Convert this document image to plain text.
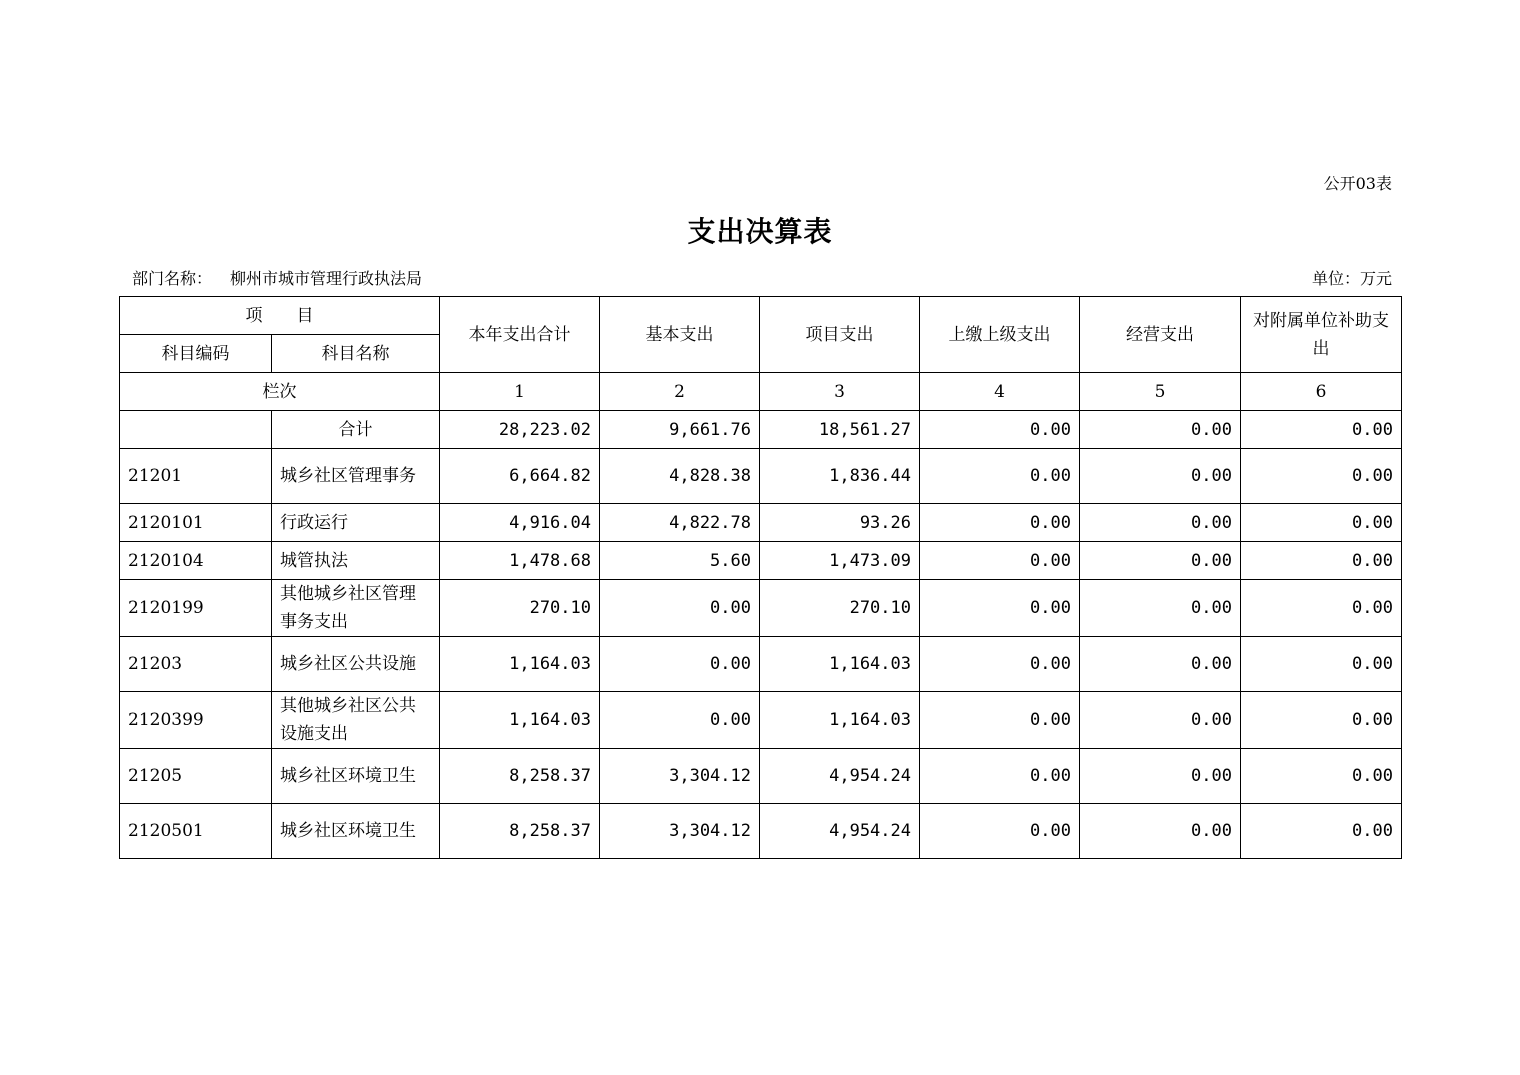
公开03表
支出决算表
部门名称： 柳州市城市管理行政执法局	单位：万元
项　　目		本年支出合计	基本支出	项目支出	上缴上级支出	经营支出	对附属单位补助支出
科目编码	科目名称						
栏次		1	2	3	4	5	6
	合计	28,223.02	9,661.76	18,561.27	0.00	0.00	0.00
21201	城乡社区管理事务	6,664.82	4,828.38	1,836.44	0.00	0.00	0.00
2120101	行政运行	4,916.04	4,822.78	93.26	0.00	0.00	0.00
2120104	城管执法	1,478.68	5.60	1,473.09	0.00	0.00	0.00
2120199	其他城乡社区管理事务支出	270.10	0.00	270.10	0.00	0.00	0.00
21203	城乡社区公共设施	1,164.03	0.00	1,164.03	0.00	0.00	0.00
2120399	其他城乡社区公共设施支出	1,164.03	0.00	1,164.03	0.00	0.00	0.00
21205	城乡社区环境卫生	8,258.37	3,304.12	4,954.24	0.00	0.00	0.00
2120501	城乡社区环境卫生	8,258.37	3,304.12	4,954.24	0.00	0.00	0.00
